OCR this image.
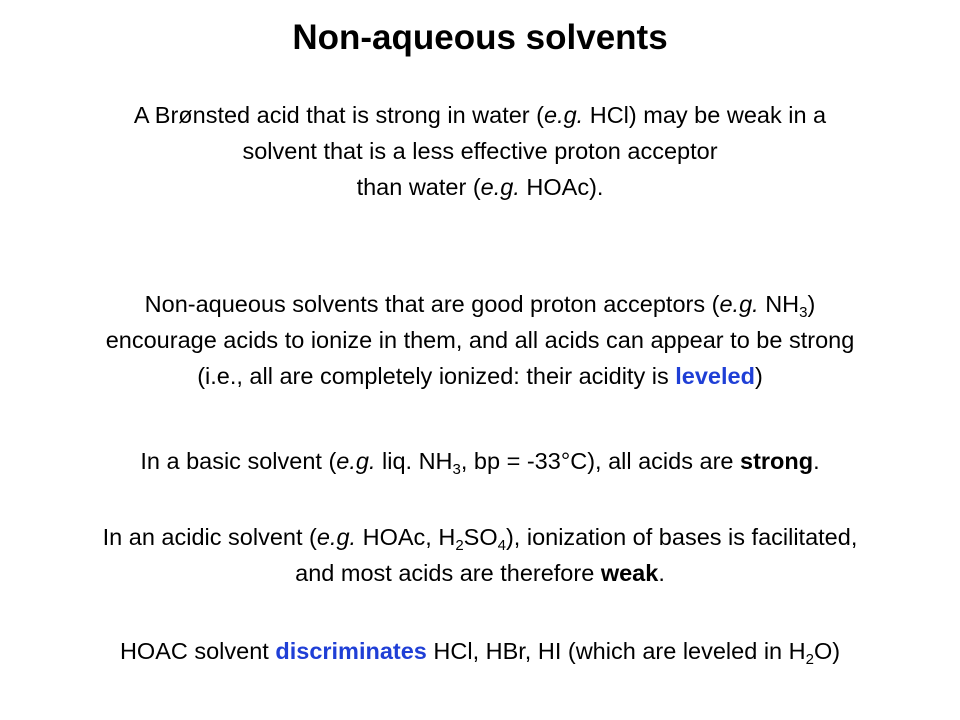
Non-aqueous solvents
A Brønsted acid that is strong in water (e.g. HCl) may be weak in a
solvent that is a less effective proton acceptor
than water (e.g. HOAc).
Non-aqueous solvents that are good proton acceptors (e.g. $NH_3$)
encourage acids to ionize in them, and all acids can appear to be strong
(i.e., all are completely ionized: their acidity is leveled)
In a basic solvent (e.g. liq. $NH_3$, bp = -33°C), all acids are strong.
In an acidic solvent (e.g. HOAc, $H_2SO_4$), ionization of bases is facilitated,
and most acids are therefore weak.
HOAC solvent discriminates HCl, HBr, HI (which are leveled in $H_2O$)
